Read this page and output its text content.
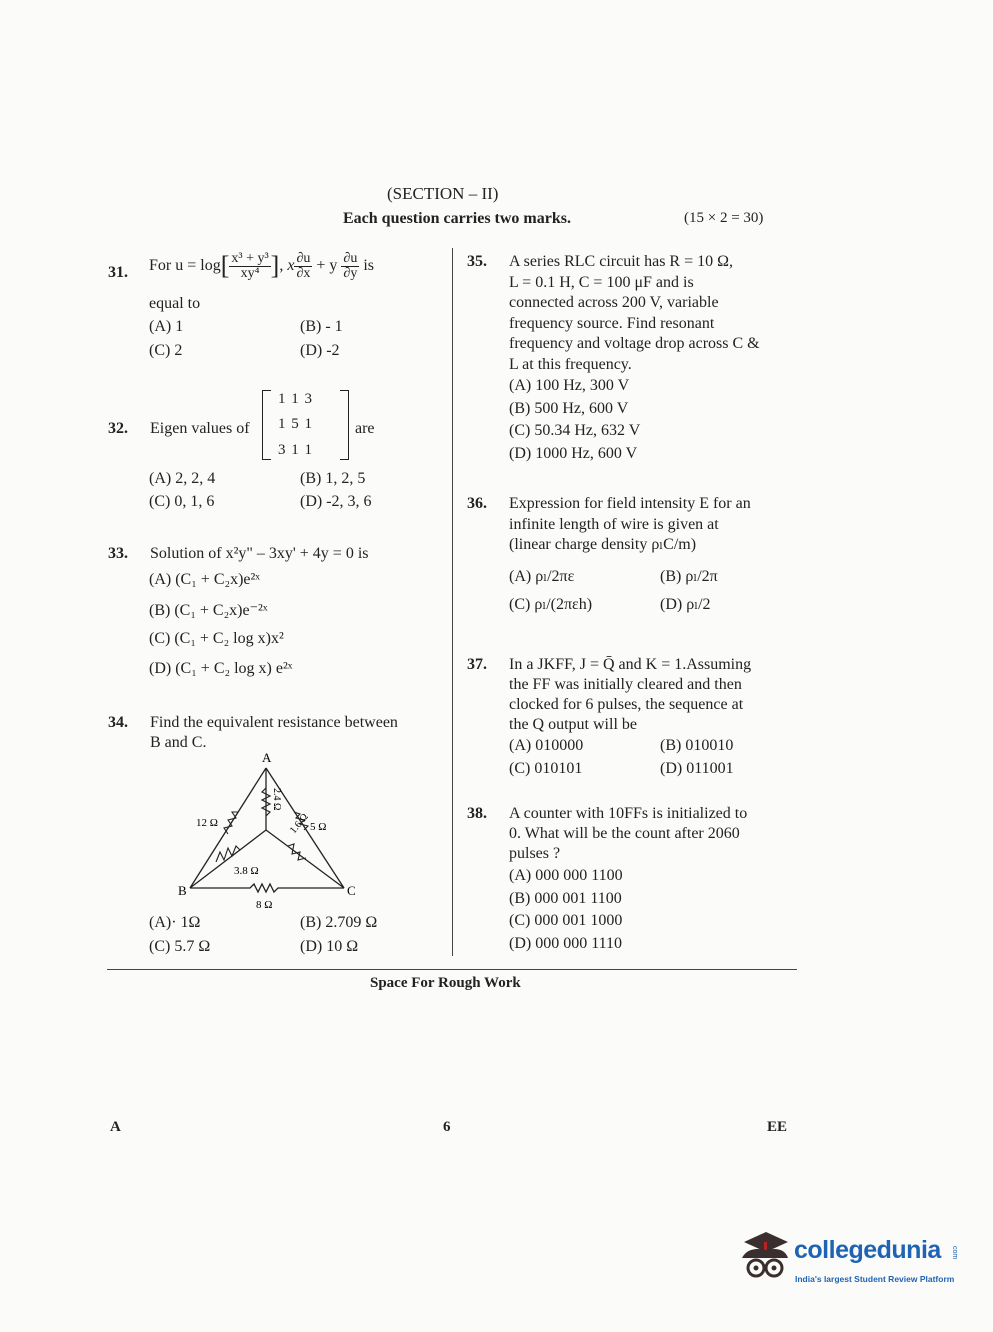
(SECTION – II)
Each question carries two marks.	(15 × 2 = 30)
31. For u = log [ $\frac{\text{x³ + y³}}{\text{xy⁴}}$ ] , x $\frac{\partial u}{\partial x} + y \frac{\partial u}{\partial y}$ is
equal to
(A) 1	(B) - 1
(C) 2	(D) -2
32. Eigen values of
1 1 3
1 5 1
3 1 1
are
(A) 2, 2, 4	(B) 1, 2, 5
(C) 0, 1, 6	(D) -2, 3, 6
33. Solution of x²y" – 3xy' + 4y = 0 is
(A) (C₁ + C₂x)e²ˣ
(B) (C₁ + C₂x)e⁻²ˣ
(C) (C₁ + C₂ log x)x²
(D) (C₁ + C₂ log x) e²ˣ
34. Find the equivalent resistance between
B and C.
A
B	C
12 Ω	5 Ω
2.4 Ω
1.6 Ω
3.8 Ω
8 Ω
(A)· 1Ω	(B) 2.709 Ω
(C) 5.7 Ω	(D) 10 Ω
35. A series RLC circuit has R = 10 Ω,
L = 0.1 H, C = 100 μF and is
connected across 200 V, variable
frequency source. Find resonant
frequency and voltage drop across C &
L at this frequency.
(A) 100 Hz, 300 V
(B) 500 Hz, 600 V
(C) 50.34 Hz, 632 V
(D) 1000 Hz, 600 V
36. Expression for field intensity E for an
infinite length of wire is given at
(linear charge density ρₗC/m)
(A) ρₗ/2πε	(B) ρₗ/2π
(C) ρₗ/(2πεh)	(D) ρₗ/2
37. In a JKFF, J = Q̄ and K = 1.Assuming
the FF was initially cleared and then
clocked for 6 pulses, the sequence at
the Q output will be
(A) 010000	(B) 010010
(C) 010101	(D) 011001
38. A counter with 10FFs is initialized to
0. What will be the count after 2060
pulses ?
(A) 000 000 1100
(B) 000 001 1100
(C) 000 001 1000
(D) 000 000 1110
Space For Rough Work
A	6	EE
collegedunia com
India's largest Student Review Platform
